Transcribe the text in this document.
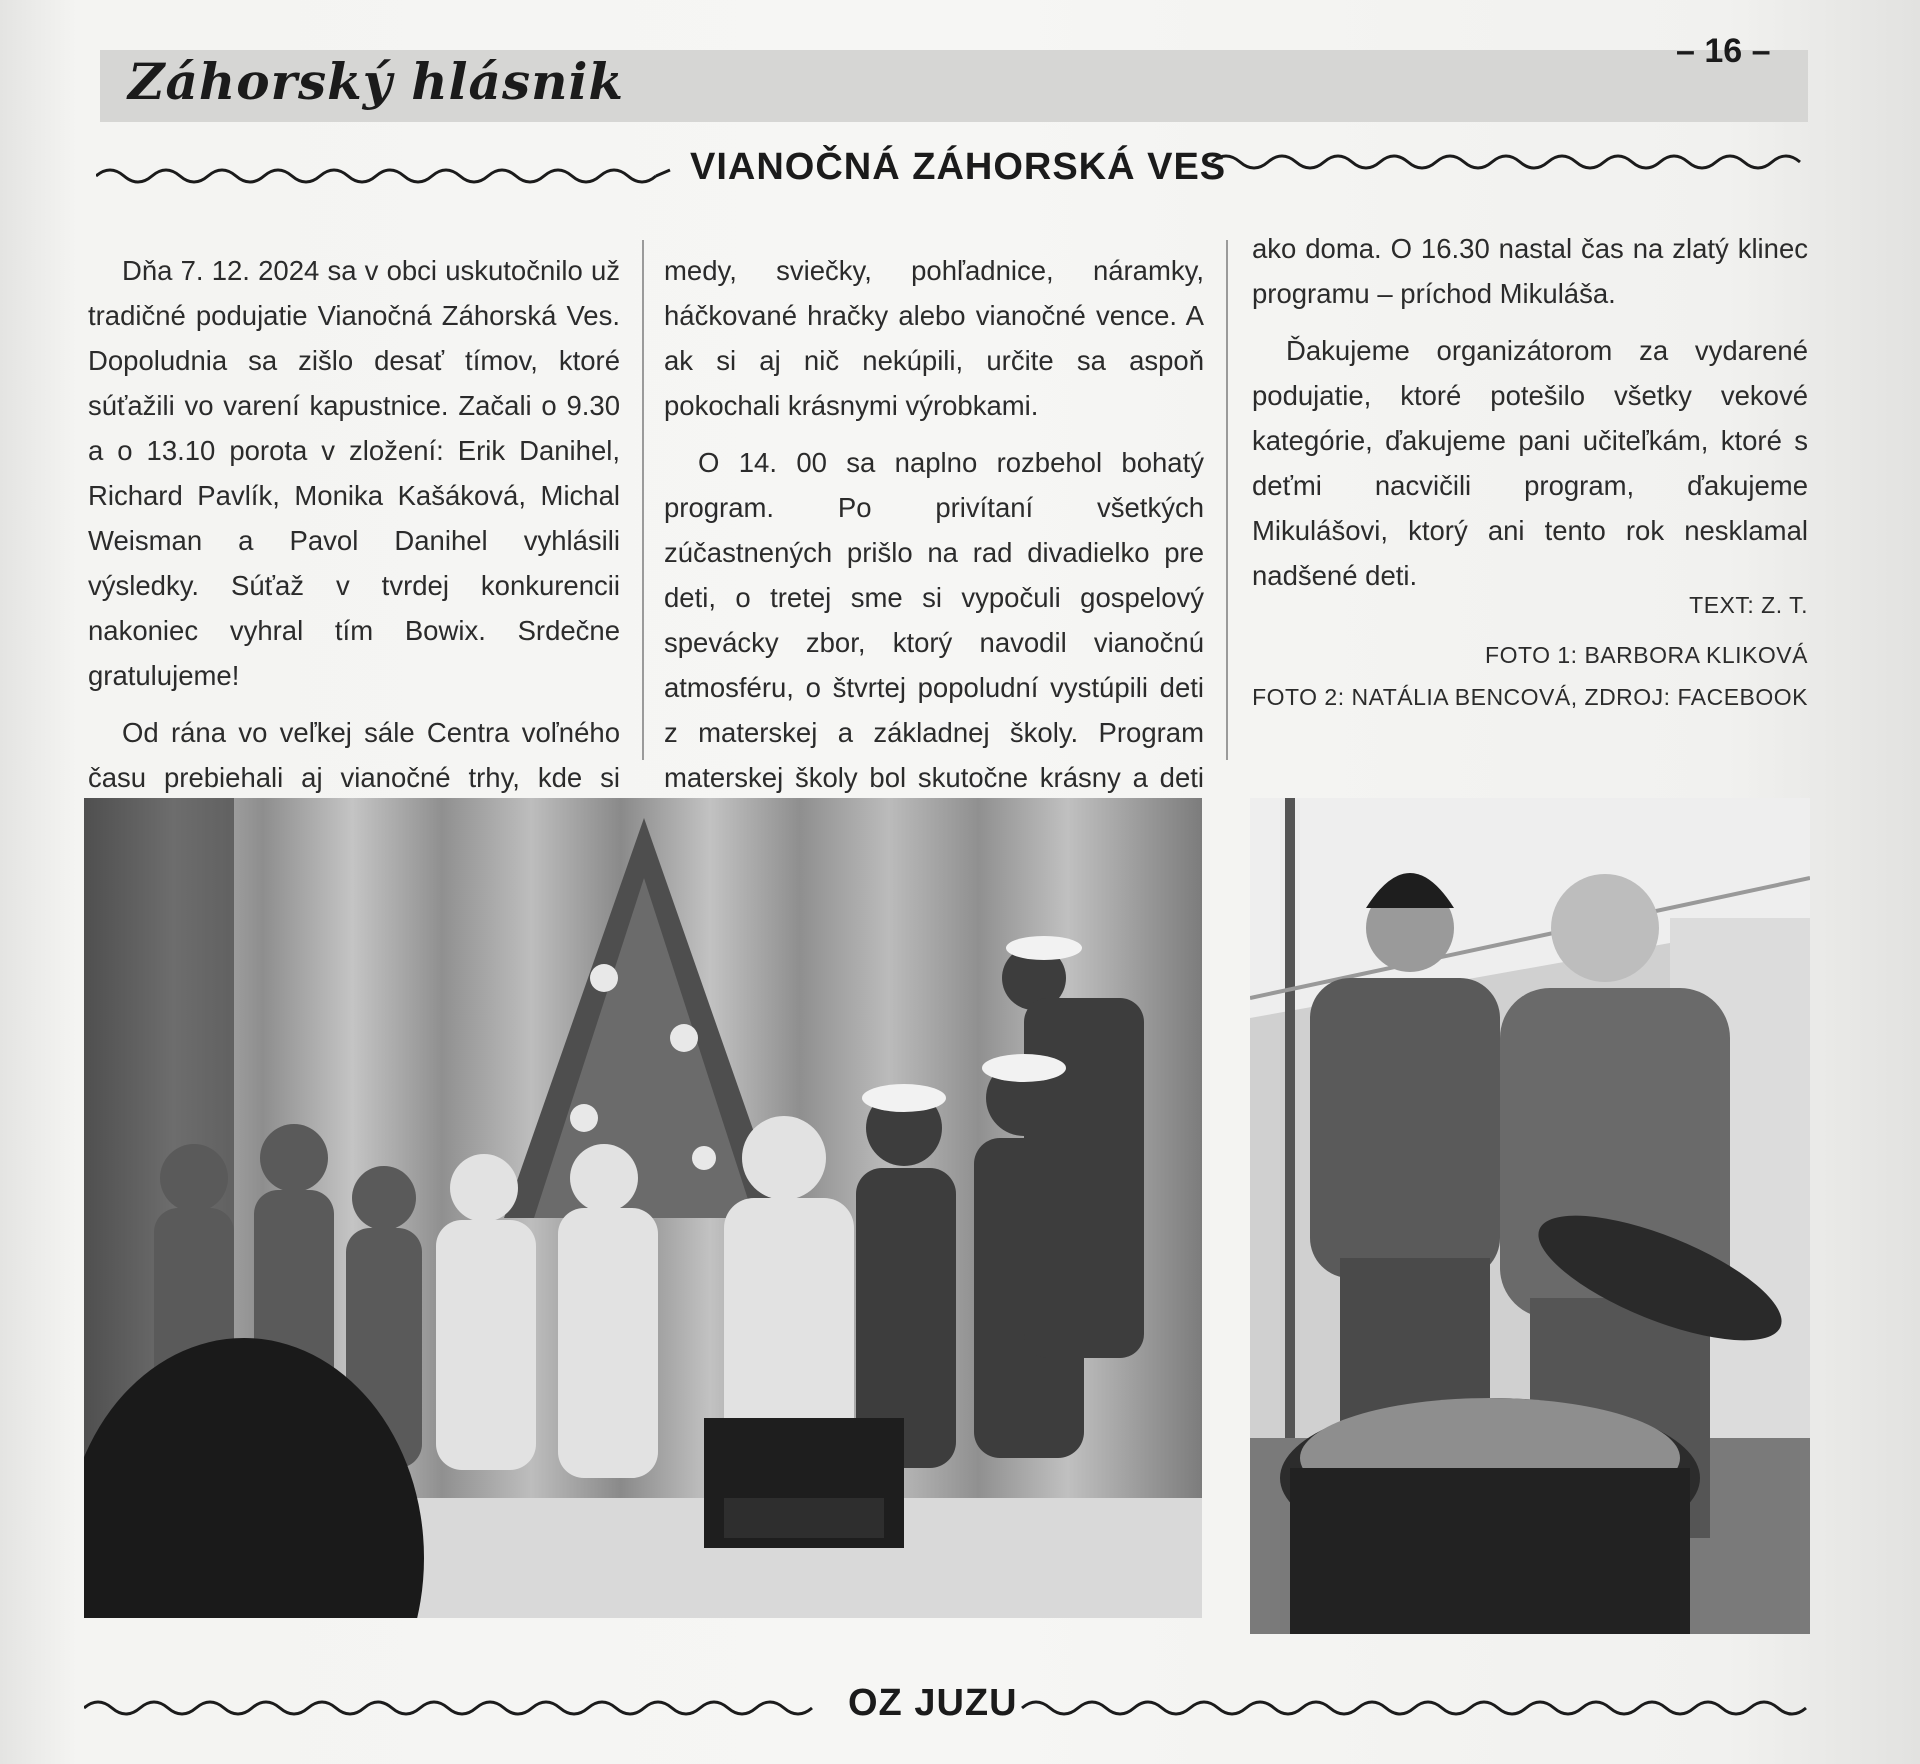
Záhorský hlásnik
– 16 –
VIANOČNÁ ZÁHORSKÁ VES

Dňa 7. 12. 2024 sa v obci uskutočnilo už tradičné podujatie Vianočná Záhorská Ves. Dopoludnia sa zišlo desať tímov, ktoré súťažili vo varení kapustnice. Začali o 9.30 a o 13.10 porota v zložení: Erik Danihel, Richard Pavlík, Monika Kašáková, Michal Weisman a Pavol Danihel vyhlásili výsledky. Súťaž v tvrdej konkurencii nakoniec vyhral tím Bowix. Srdečne gratulujeme!

Od rána vo veľkej sále Centra voľného času prebiehali aj vianočné trhy, kde si

medy, sviečky, pohľadnice, náramky, háčkované hračky alebo vianočné vence. A ak si aj nič nekúpili, určite sa aspoň pokochali krásnymi výrobkami.

O 14. 00 sa naplno rozbehol bohatý program. Po privítaní všetkých zúčastnených prišlo na rad divadielko pre deti, o tretej sme si vypočuli gospelový spevácky zbor, ktorý navodil vianočnú atmosféru, o štvrtej popoludní vystúpili deti z materskej a základnej školy. Program materskej školy bol skutočne krásny a deti

ako doma. O 16.30 nastal čas na zlatý klinec programu – príchod Mikuláša.

Ďakujeme organizátorom za vydarené podujatie, ktoré potešilo všetky vekové kategórie, ďakujeme pani učiteľkám, ktoré s deťmi nacvičili program, ďakujeme Mikulášovi, ktorý ani tento rok nesklamal nadšené deti.

TEXT: Z. T.
FOTO 1: BARBORA KLIKOVÁ
FOTO 2: NATÁLIA BENCOVÁ, ZDROJ: FACEBOOK
OZ JUZU
